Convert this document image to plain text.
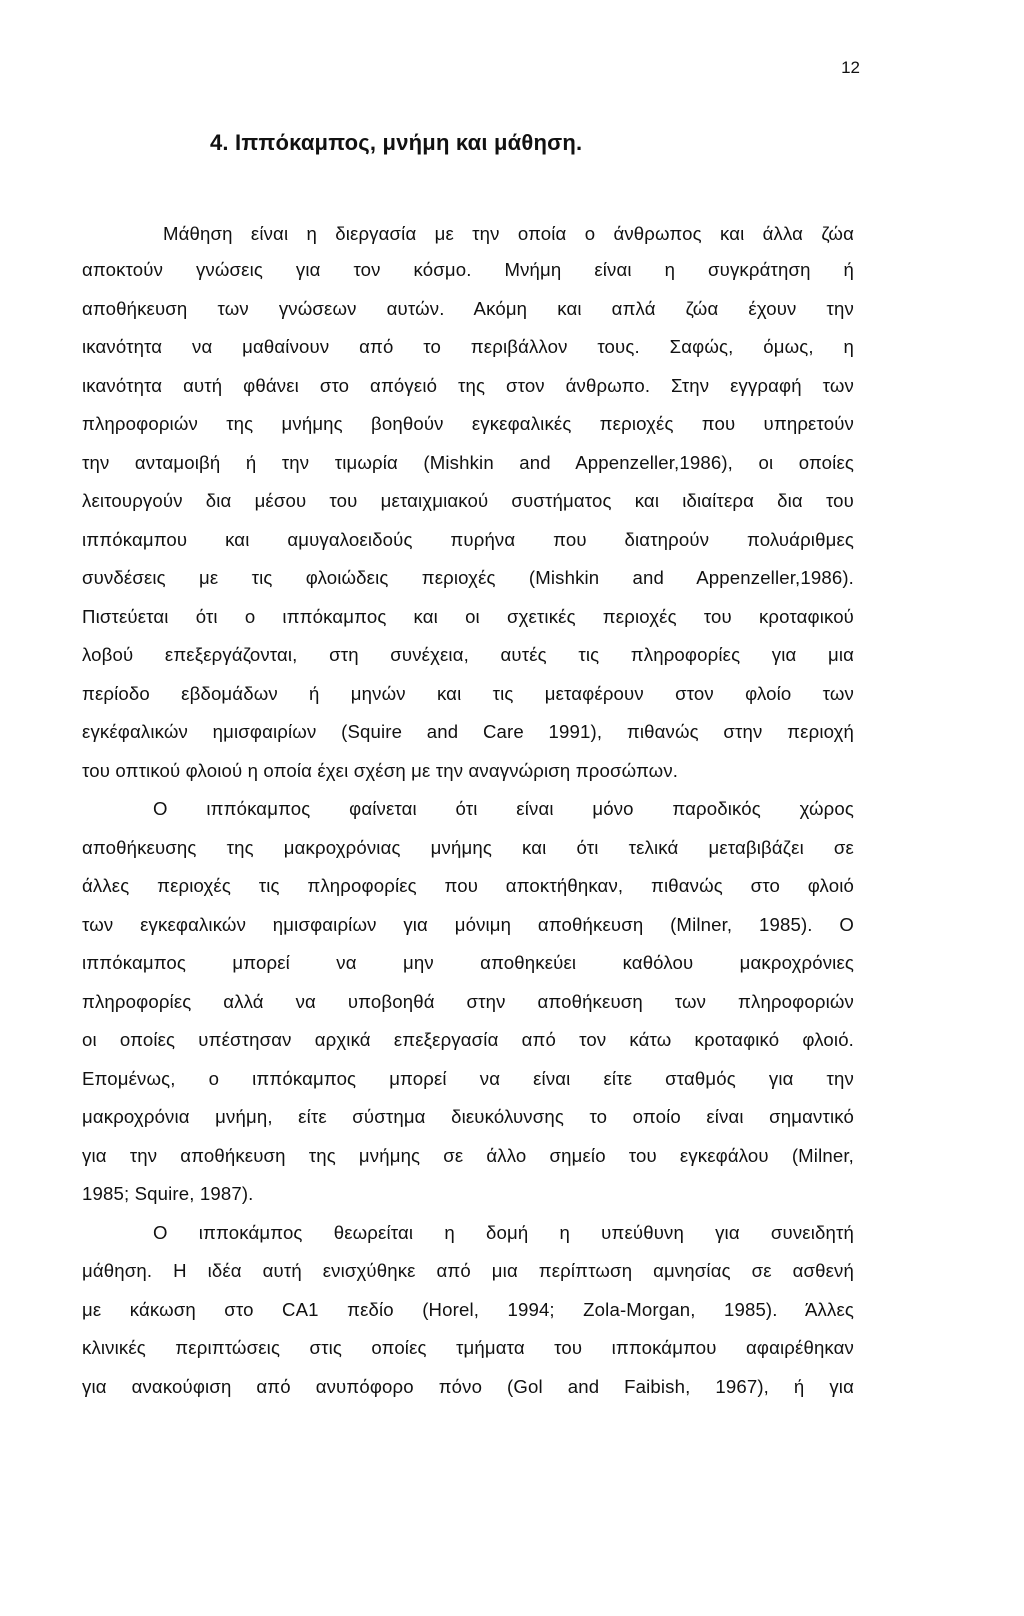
12
4. Ιππόκαμπος, μνήμη και μάθηση.
Μάθηση είναι η διεργασία με την οποία ο άνθρωπος και άλλα ζώα
αποκτούν γνώσεις για τον κόσμο. Μνήμη είναι η συγκράτηση ή
αποθήκευση των γνώσεων αυτών. Ακόμη και απλά ζώα έχουν την
ικανότητα να μαθαίνουν από το περιβάλλον τους. Σαφώς, όμως, η
ικανότητα αυτή φθάνει στο απόγειό της στον άνθρωπο. Στην εγγραφή των
πληροφοριών της μνήμης βοηθούν εγκεφαλικές περιοχές που υπηρετούν
την ανταμοιβή ή την τιμωρία (Mishkin and Appenzeller,1986), οι οποίες
λειτουργούν δια μέσου του μεταιχμιακού συστήματος και ιδιαίτερα δια του
ιππόκαμπου και αμυγαλοειδούς πυρήνα που διατηρούν πολυάριθμες
συνδέσεις με τις φλοιώδεις περιοχές (Mishkin and Appenzeller,1986).
Πιστεύεται ότι ο ιππόκαμπος και οι σχετικές περιοχές του κροταφικού
λοβού επεξεργάζονται, στη συνέχεια, αυτές τις πληροφορίες για μια
περίοδο εβδομάδων ή μηνών και τις μεταφέρουν στον φλοίο των
εγκέφαλικών ημισφαιρίων (Squire and Care 1991), πιθανώς στην περιοχή
του οπτικού φλοιού η οποία έχει σχέση με την αναγνώριση προσώπων.
Ο ιππόκαμπος φαίνεται ότι είναι μόνο παροδικός χώρος
αποθήκευσης της μακροχρόνιας μνήμης και ότι τελικά μεταβιβάζει σε
άλλες περιοχές τις πληροφορίες που αποκτήθηκαν, πιθανώς στο φλοιό
των εγκεφαλικών ημισφαιρίων για μόνιμη αποθήκευση (Milner, 1985). Ο
ιππόκαμπος μπορεί να μην αποθηκεύει καθόλου μακροχρόνιες
πληροφορίες αλλά να υποβοηθά στην αποθήκευση των πληροφοριών
οι οποίες υπέστησαν αρχικά επεξεργασία από τον κάτω κροταφικό φλοιό.
Επομένως, ο ιππόκαμπος μπορεί να είναι είτε σταθμός για την
μακροχρόνια μνήμη, είτε σύστημα διευκόλυνσης το οποίο είναι σημαντικό
για την αποθήκευση της μνήμης σε άλλο σημείο του εγκεφάλου (Milner,
1985; Squire, 1987).
Ο ιπποκάμπος θεωρείται η δομή η υπεύθυνη για συνειδητή
μάθηση. Η ιδέα αυτή ενισχύθηκε από μια περίπτωση αμνησίας σε ασθενή
με κάκωση στο CA1 πεδίο (Horel, 1994; Zola-Morgan, 1985). Άλλες
κλινικές περιπτώσεις στις οποίες τμήματα του ιπποκάμπου αφαιρέθηκαν
για ανακούφιση από ανυπόφορο πόνο (Gol and Faibish, 1967), ή για
